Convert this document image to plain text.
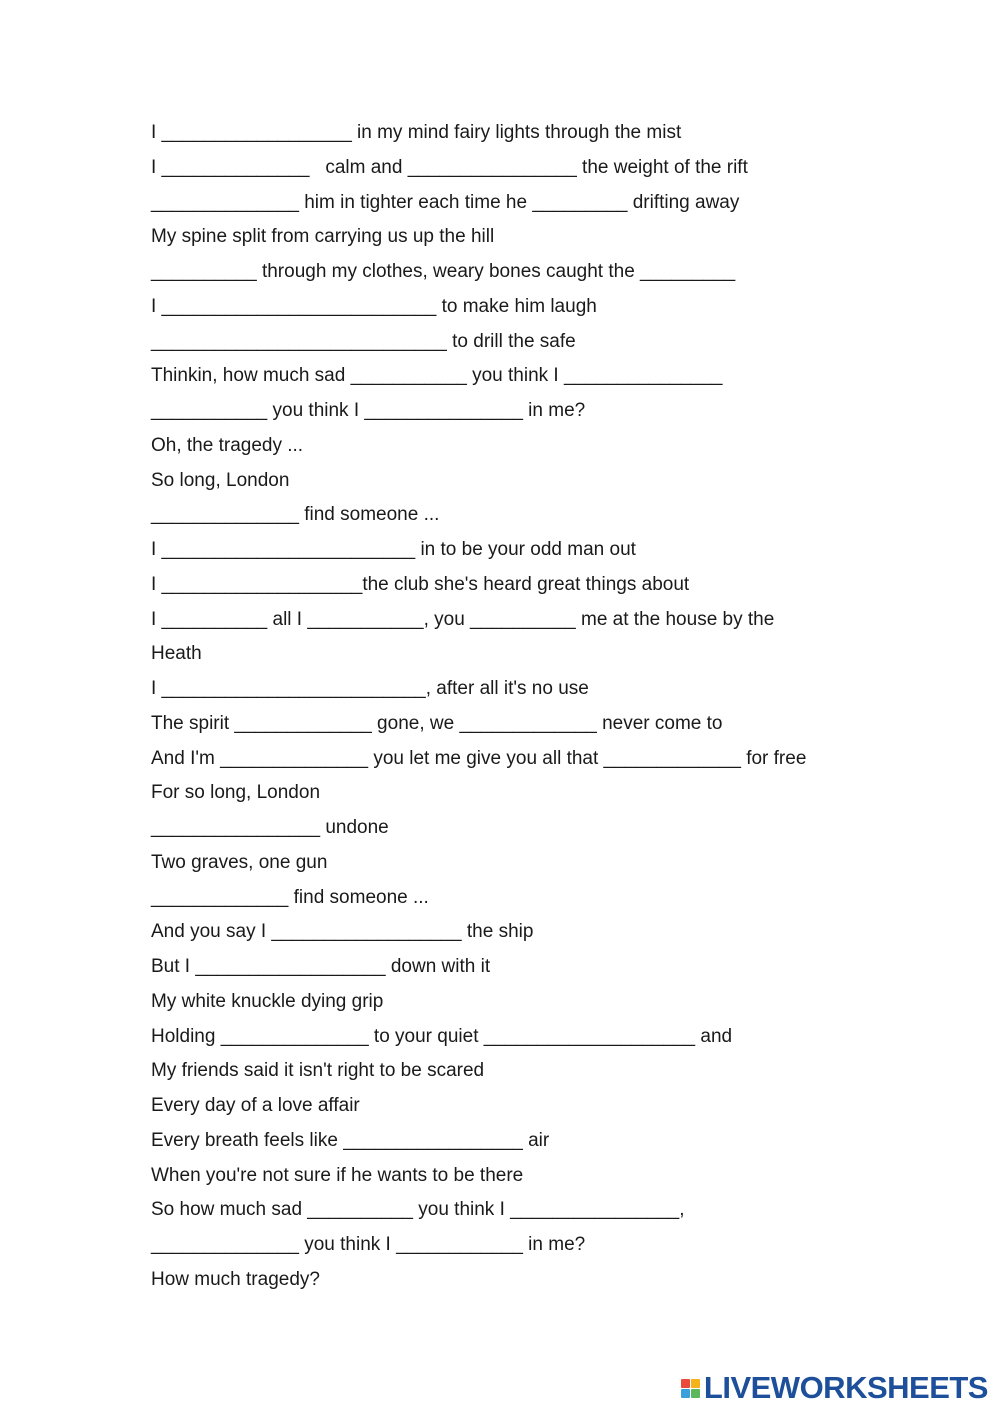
I __________________ in my mind fairy lights through the mist
I ______________   calm and ________________ the weight of the rift
______________ him in tighter each time he _________ drifting away
My spine split from carrying us up the hill
__________ through my clothes, weary bones caught the _________
I __________________________ to make him laugh
____________________________ to drill the safe
Thinkin, how much sad ___________ you think I _______________
___________ you think I _______________ in me?
Oh, the tragedy ...
So long, London
______________ find someone ...
I ________________________ in to be your odd man out
I ___________________the club she's heard great things about
I __________ all I ___________, you __________ me at the house by the
Heath
I _________________________, after all it's no use
The spirit _____________ gone, we _____________ never come to
And I'm ______________ you let me give you all that _____________ for free
For so long, London
________________ undone
Two graves, one gun
_____________ find someone ...
And you say I __________________ the ship
But I __________________ down with it
My white knuckle dying grip
Holding ______________ to your quiet ____________________ and
My friends said it isn't right to be scared
Every day of a love affair
Every breath feels like _________________ air
When you're not sure if he wants to be there
So how much sad __________ you think I ________________,
______________ you think I ____________ in me?
How much tragedy?
LIVEWORKSHEETS
